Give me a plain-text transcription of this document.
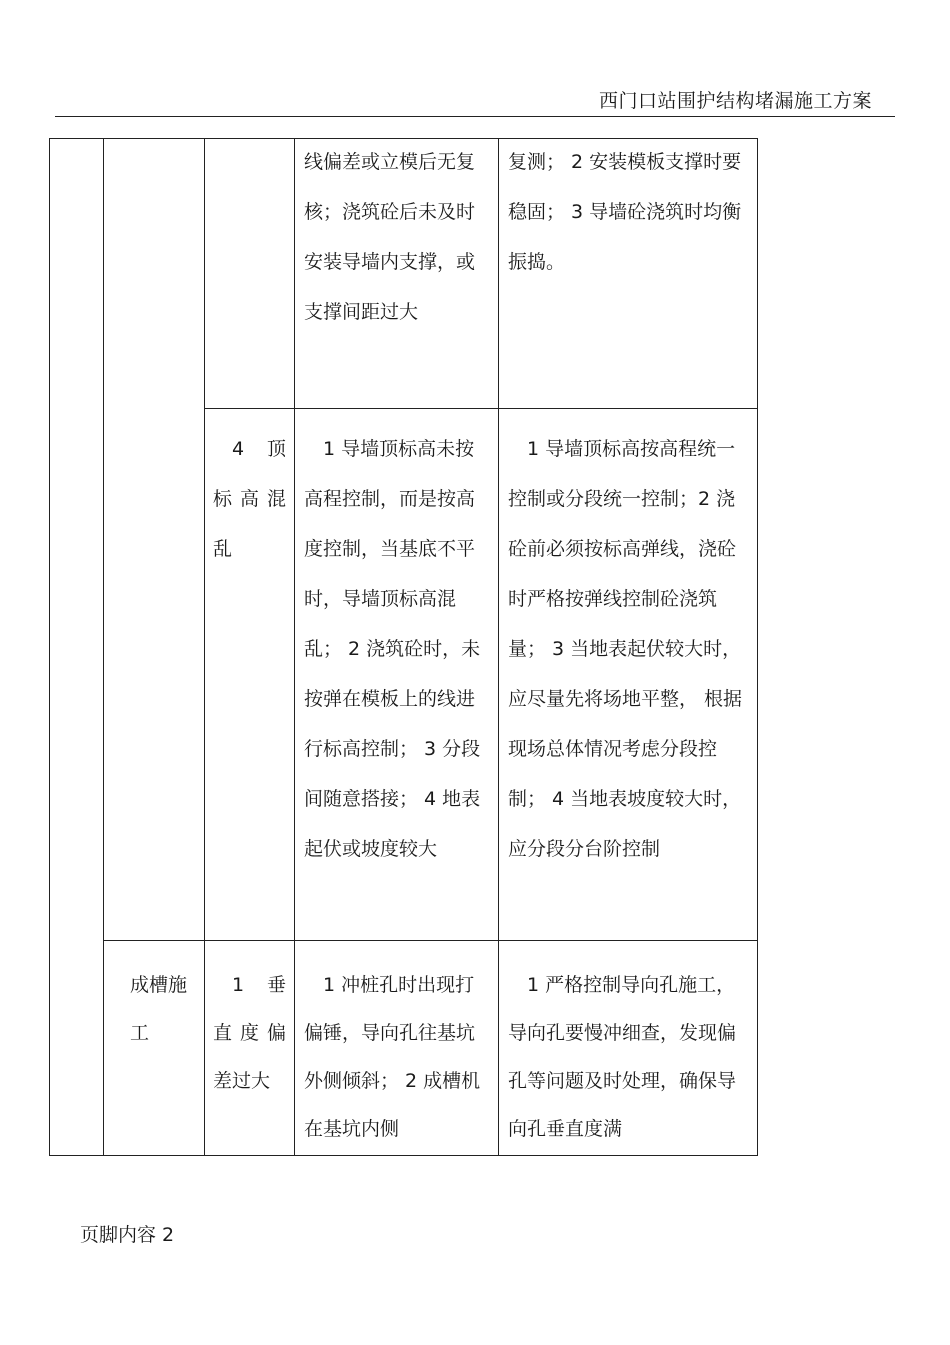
西门口站围护结构堵漏施工方案

			线偏差或立模后无复核；浇筑砼后未及时安装导墙内支撑，或支撑间距过大	复测； 2 安装模板支撑时要稳固； 3 导墙砼浇筑时均衡振捣。

		4 顶标高混乱	1 导墙顶标高未按高程控制，而是按高度控制，当基底不平时，导墙顶标高混乱； 2 浇筑砼时，未按弹在模板上的线进行标高控制； 3 分段间随意搭接； 4 地表起伏或坡度较大	1 导墙顶标高按高程统一控制或分段统一控制；2 浇砼前必须按标高弹线，浇砼时严格按弹线控制砼浇筑量； 3 当地表起伏较大时， 应尽量先将场地平整， 根据现场总体情况考虑分段控制； 4 当地表坡度较大时， 应分段分台阶控制

	成槽施工	1 垂直度偏差过大	1 冲桩孔时出现打偏锤，导向孔往基坑外侧倾斜； 2 成槽机在基坑内侧	1 严格控制导向孔施工，导向孔要慢冲细查，发现偏孔等问题及时处理，确保导向孔垂直度满
页脚内容 2
